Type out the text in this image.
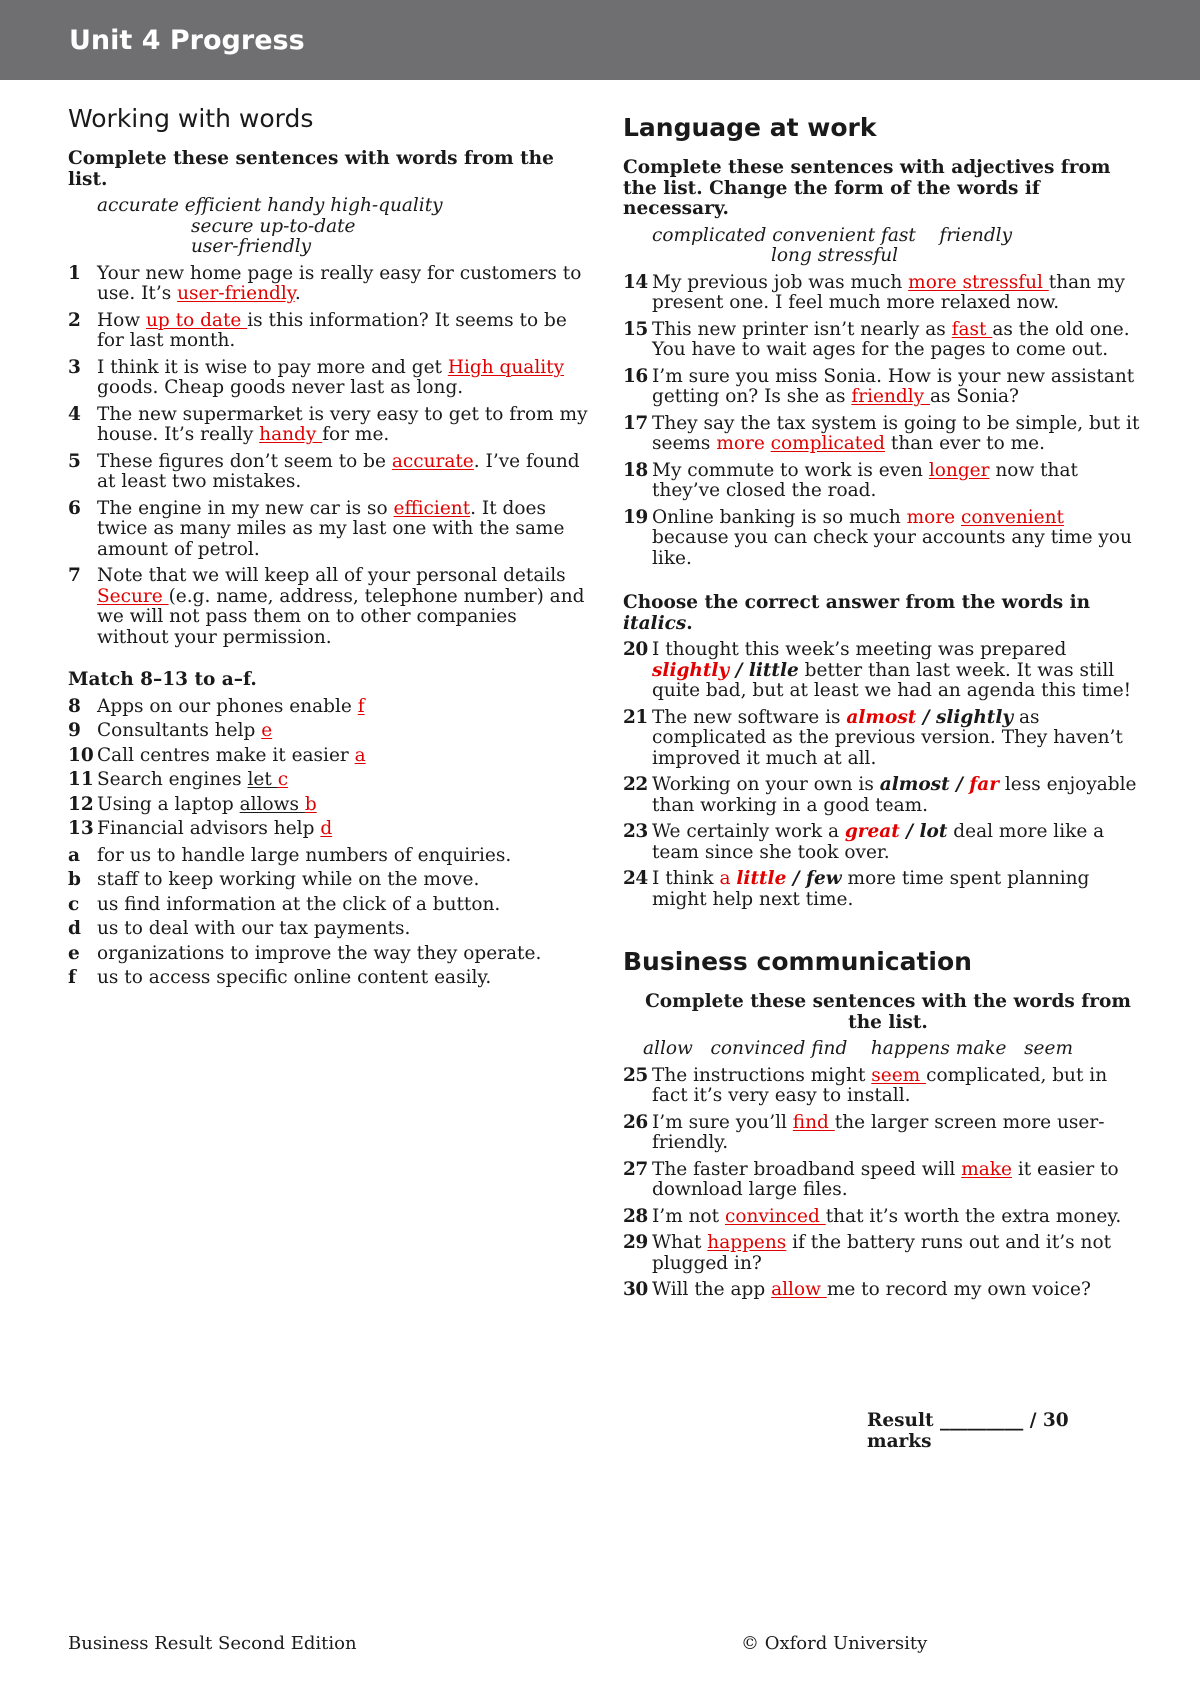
Unit 4 Progress
Working with words
Complete these sentences with words from the list.
accurate efficient handy high-quality
secure up-to-date
user-friendly
1 Your new home page is really easy for customers to use. It’s user-friendly.
2 How up to date is this information? It seems to be for last month.
3 I think it is wise to pay more and get High quality goods. Cheap goods never last as long.
4 The new supermarket is very easy to get to from my house. It’s really handy for me.
5 These figures don’t seem to be accurate. I’ve found at least two mistakes.
6 The engine in my new car is so efficient. It does twice as many miles as my last one with the same amount of petrol.
7 Note that we will keep all of your personal details Secure (e.g. name, address, telephone number) and we will not pass them on to other companies without your permission.
Match 8–13 to a–f.
8 Apps on our phones enable f
9 Consultants help e
10 Call centres make it easier a
11 Search engines let c
12 Using a laptop allows b
13 Financial advisors help d
a for us to handle large numbers of enquiries.
b staff to keep working while on the move.
c us find information at the click of a button.
d us to deal with our tax payments.
e organizations to improve the way they operate.
f	us to access specific online content easily.
Language at work
Complete these sentences with adjectives from the list. Change the form of the words if necessary.
complicated convenient fast    friendly
long stressful
14 My previous job was much more stressful than my present one. I feel much more relaxed now.
15 This new printer isn’t nearly as fast as the old one. You have to wait ages for the pages to come out.
16 I’m sure you miss Sonia. How is your new assistant getting on? Is she as friendly as Sonia?
17 They say the tax system is going to be simple, but it seems more complicated than ever to me.
18 My commute to work is even longer now that they’ve closed the road.
19 Online banking is so much more convenient because you can check your accounts any time you like.
Choose the correct answer from the words in italics.
20 I thought this week’s meeting was prepared slightly / little better than last week. It was still quite bad, but at least we had an agenda this time!
21 The new software is almost / slightly as complicated as the previous version. They haven’t improved it much at all.
22 Working on your own is almost / far less enjoyable than working in a good team.
23 We certainly work a great / lot deal more like a team since she took over.
24 I think a little / few more time spent planning might help next time.
Business communication
Complete these sentences with the words from the list.
allow   convinced find    happens make   seem
25 The instructions might seem complicated, but in fact it’s very easy to install.
26 I’m sure you’ll find the larger screen more user- friendly.
27 The faster broadband speed will make it easier to download large files.
28 I’m not convinced that it’s worth the extra money.
29 What happens if the battery runs out and it’s not plugged in?
30 Will the app allow me to record my own voice?
Result _________ / 30
marks
Business Result Second Edition	© Oxford University
